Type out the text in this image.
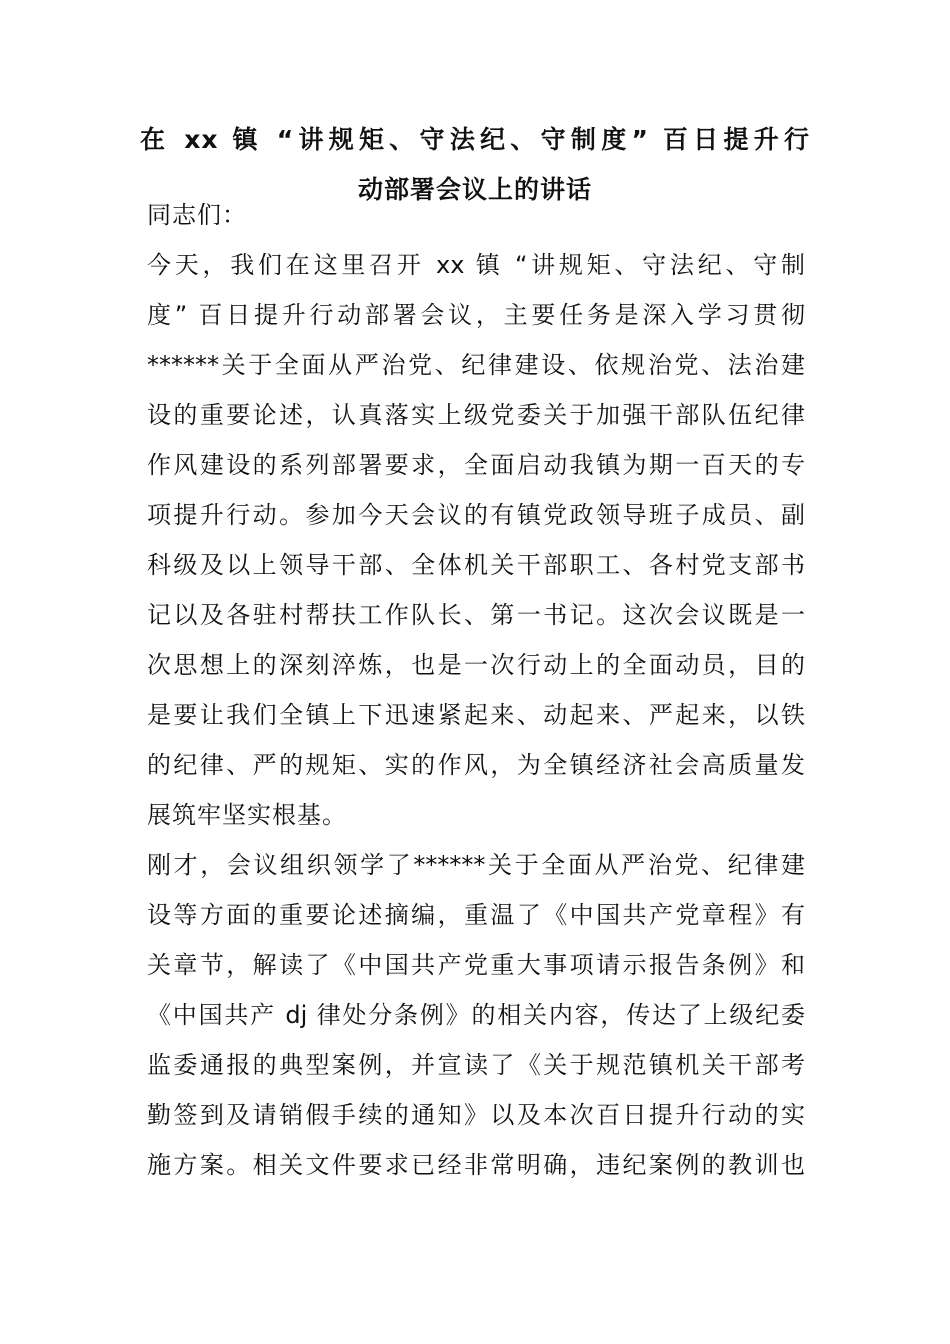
在 xx 镇 “讲规矩、守法纪、守制度” 百日提升行
动部署会议上的讲话
同志们：
今天，我们在这里召开 xx 镇 “讲规矩、守法纪、守制
度” 百日提升行动部署会议，主要任务是深入学习贯彻
******关于全面从严治党、纪律建设、依规治党、法治建
设的重要论述，认真落实上级党委关于加强干部队伍纪律
作风建设的系列部署要求，全面启动我镇为期一百天的专
项提升行动。参加今天会议的有镇党政领导班子成员、副
科级及以上领导干部、全体机关干部职工、各村党支部书
记以及各驻村帮扶工作队长、第一书记。这次会议既是一
次思想上的深刻淬炼，也是一次行动上的全面动员，目的
是要让我们全镇上下迅速紧起来、动起来、严起来，以铁
的纪律、严的规矩、实的作风，为全镇经济社会高质量发
展筑牢坚实根基。
刚才，会议组织领学了******关于全面从严治党、纪律建
设等方面的重要论述摘编，重温了《中国共产党章程》有
关章节，解读了《中国共产党重大事项请示报告条例》和
《中国共产 dj 律处分条例》的相关内容，传达了上级纪委
监委通报的典型案例，并宣读了《关于规范镇机关干部考
勤签到及请销假手续的通知》以及本次百日提升行动的实
施方案。相关文件要求已经非常明确，违纪案例的教训也
